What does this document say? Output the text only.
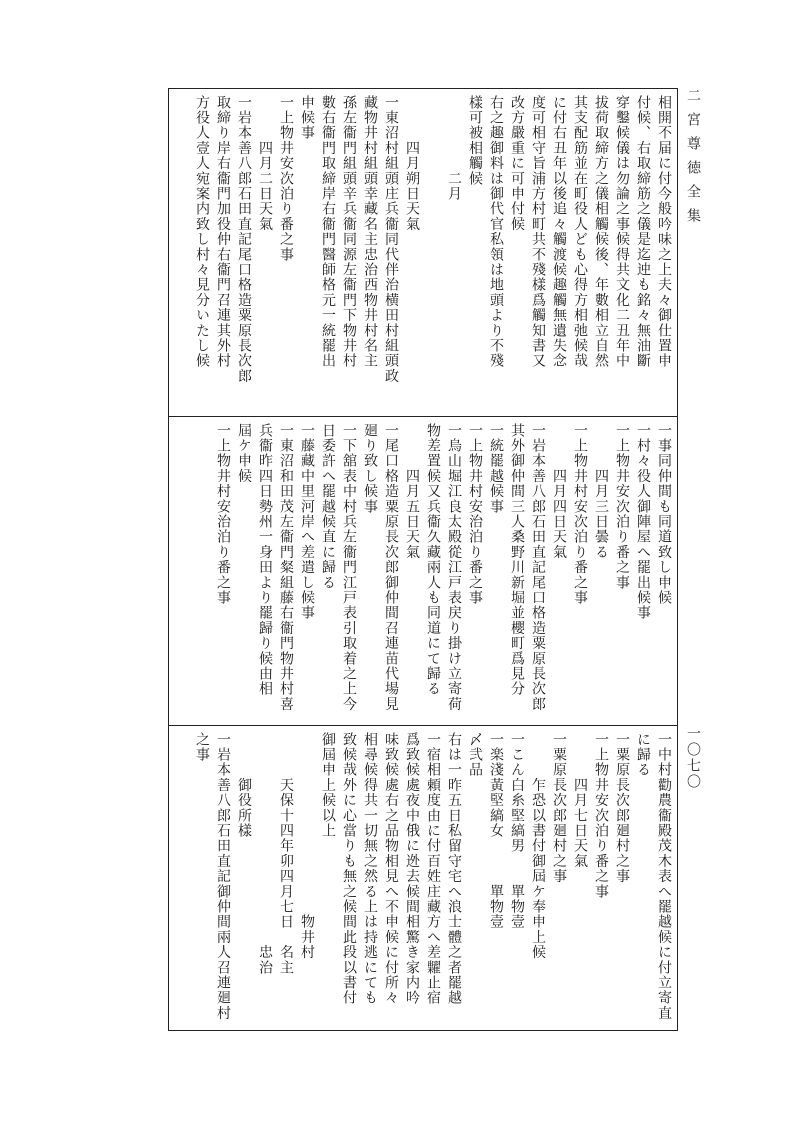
二宮尊徳全集
一〇七〇
相開不届に付今般吟味之上夫々御仕置申
付候、右取締筋之儀是迄迚も銘々無油斷
穿鑿候儀は勿論之事候得共文化二丑年中
拔荷取締方之儀相觸候後、年數相立自然
其支配筋並在町役人ども心得方相弛候哉
に付右丑年以後追々觸渡候趣觸無遺失念
度可相守旨浦方村町共不殘樣爲觸知書又
改方嚴重に可申付候
右之趣御料は御代官私領は地頭より不殘
樣可被相觸候
　　　　　二月
　　　四月朔日天氣
一東沼村組頭庄兵衞同代伴治横田村組頭政
藏物井村組頭幸藏名主忠治西物井村名主
孫左衞門組頭辛兵衞同源左衞門下物井村
數右衞門取締岸右衞門醫師格元一統罷出
申候事
一上物井安次泊り番之事
　　　四月二日天氣
一岩本善八郎石田直記尾口格造粟原長次郎
取締り岸右衞門加役仲右衞門召連其外村
方役人壹人宛案内致し村々見分いたし候
一事同仲間も同道致し申候
一村々役人御陣屋へ罷出候事
一上物井安次泊り番之事
　　　四月三日曇る
一上物井村安次泊り番之事
　　　四月四日天氣
一岩本善八郎石田直記尾口格造粟原長次郎
其外御仲間三人桑野川新堀並櫻町爲見分
一統罷越候事
一上物井村安治泊り番之事
一烏山堀江良太殿從江戸表戻り掛け立寄荷
物差置候又兵衞久藏兩人も同道にて歸る
　　　四月五日天氣
一尾口格造粟原長次郎御仲間召連苗代場見
廻り致し候事
一下舘表中村兵左衞門江戸表引取着之上今
日委許へ罷越候直に歸る
一藤藏中里河岸へ差遣し候事
一東沼和田茂左衞門粲組藤右衞門物井村喜
兵衞昨四日勢州一身田より罷歸り候由相
屆ケ申候
一上物井村安治泊り番之事
一中村勸農衞殿茂木表へ罷越候に付立寄直
に歸る
一粟原長次郎廻村之事
一上物井安次泊り番之事
　　　四月七日天氣
一粟原長次郎廻村之事
　　　乍恐以書付御屆ケ奉申上候
一こん白糸堅縞男　　單物壹
一楽淺黃堅縞女　　　單物壹
〆弐品
右は一昨五日私留守宅へ浪士體之者罷越
一宿相頼度由に付百姓庄藏方へ差糶止宿
爲致候處夜中俄に迯去候間相驚き家内吟
味致候處右之品物相見へ不申候に付所々
相尋候得共一切無之然る上は持逃にても
致候哉外に心當りも無之候間此段以書付
御屆申上候以上
　　　　　　　　　　　　物井村
　　　天保十四年卯四月七日　名主
　　　　　　　　　　　　　　忠治
　　　御役所樣
一岩本善八郎石田直記御仲間兩人召連廻村
之事
